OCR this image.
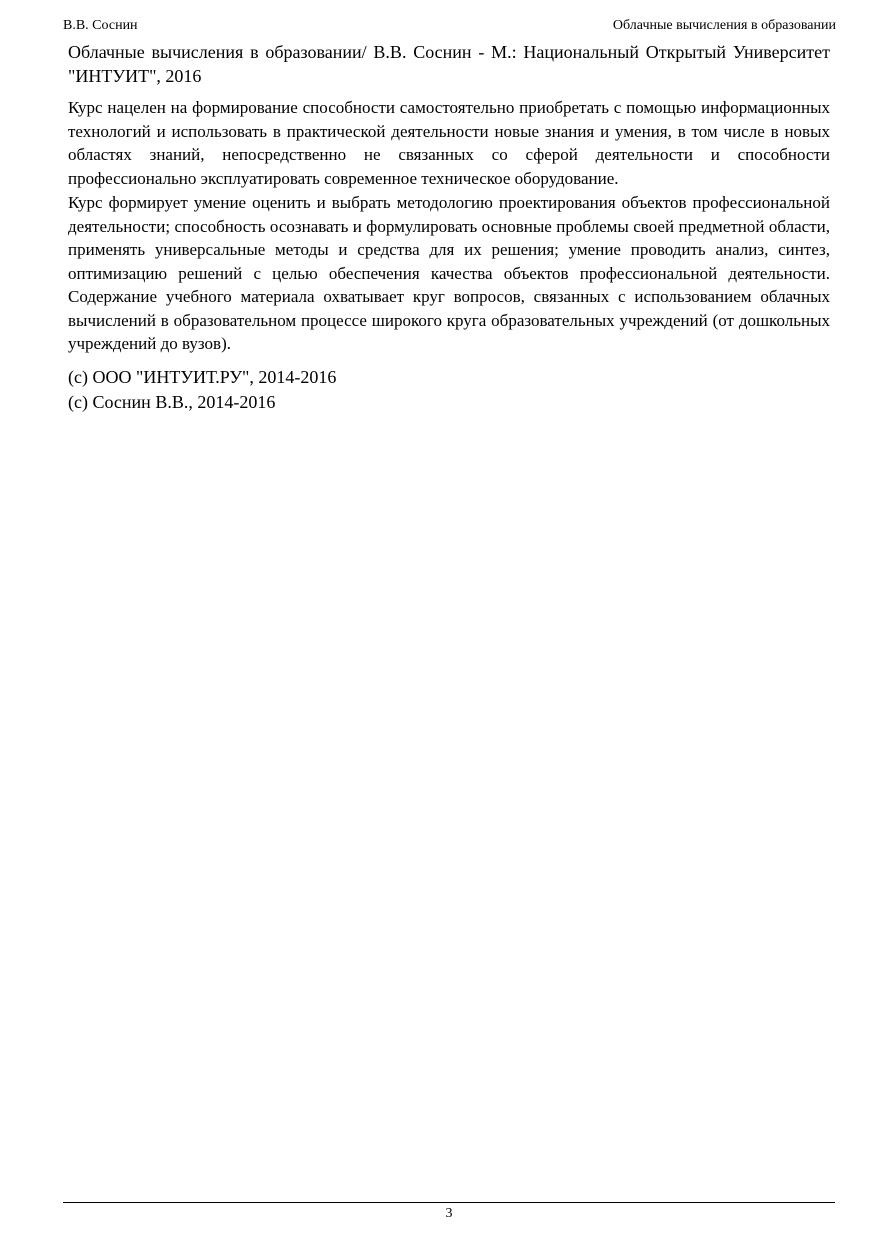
В.В. Соснин	Облачные вычисления в образовании

Облачные вычисления в образовании/ В.В. Соснин - М.: Национальный Открытый Университет "ИНТУИТ", 2016

Курс нацелен на формирование способности самостоятельно приобретать с помощью информационных технологий и использовать в практической деятельности новые знания и умения, в том числе в новых областях знаний, непосредственно не связанных со сферой деятельности и способности профессионально эксплуатировать современное техническое оборудование.

Курс формирует умение оценить и выбрать методологию проектирования объектов профессиональной деятельности; способность осознавать и формулировать основные проблемы своей предметной области, применять универсальные методы и средства для их решения; умение проводить анализ, синтез, оптимизацию решений с целью обеспечения качества объектов профессиональной деятельности. Содержание учебного материала охватывает круг вопросов, связанных с использованием облачных вычислений в образовательном процессе широкого круга образовательных учреждений (от дошкольных учреждений до вузов).

(c) ООО "ИНТУИТ.РУ", 2014-2016

(c) Соснин В.В., 2014-2016

3
